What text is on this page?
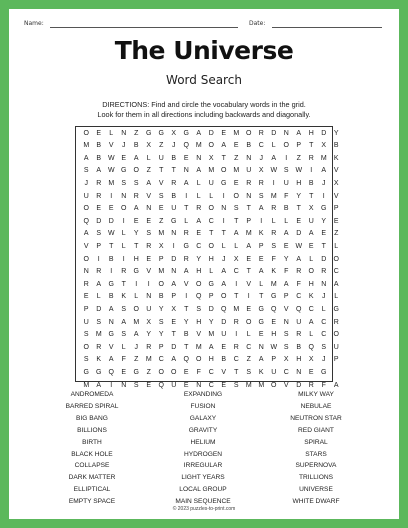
Name:	Date:
The Universe
Word Search
DIRECTIONS: Find and circle the vocabulary words in the grid.
Look for them in all directions including backwards and diagonally.
O	E	L	N	Z	G	G	X	G	A	D	E	M O	R	D	N	A	H	D	Y
M	B	V	J	B	X	Z	J	Q M O	A	E	B	C	L	O	P	T	X	B
A	B W E	A	L	U	B	E	N	X	T	Z	N	J	A	I	Z	R	M	K
S	A W G	O	Z	T	T	N	A	M O M	U	X W S W	I	A	V
J	R	M	S	S	A	V	R	A	L	U	G	E	R	R	I	U	H	B	J	X
U	R	I	N	R	V	S	B	I	L	L	I	O	N	S	M	F	Y	T	I	V
O	E	E	O	A	N	E	U	T	R	O	N	S	T	A	R	B	T	X	G	P
Q	D	D	I	E	E	Z	G	L	A	C	I	T	P	I	L	L	E	U	Y	E
A	S W	L	Y	S	M	N	R	E	T	T	A	M	K	R	A	D	A	E	Z
V	P	T	L	T	R	X	I	G	C	O	L	L	A	P	S	E W E	T	L
O	I	B	I	H	E	P	D	R	Y	H	J	X	E	E	F	Y	A	L	D	O
N	R	I	R	G	V	M	N	A	H	L	A	C	T	A	K	F	R	O	R	C
R	A	G	T	I	I	O	A	V	O	G	A	I	V	L	M	A	F	H	N	A
E	L	B	K	L	N	B	P	I	Q	P	O	T	I	T	G	P	C	K	J	L
P	D	A	S	O	U	Y	X	T	S	D	Q M	E	G	Q	V	Q	C	L	G
U	S	N	A	M	X	S	E	Y	H	Y	D	R	O	G	E	N	U	A	C	R
S	M G	S	A	Y	Y	T	B	V	M	U	I	L	E	H	S	R	L	C	O
O	R	V	L	J	R	P	D	T	M	A	E	R	C	N W S	B	Q	S	U
S	K	A	F	Z	M	C	A	Q	O	H	B	C	Z	A	P	X	H	X	J	P
G	G	Q	E	G	Z	O	O	E	F	C	V	T	S	K	U	C	N	E	G
M	A	I	N	S	E	Q	U	E	N	C	E	S	M M O	V	D	R	F	A
ANDROMEDA
BARRED SPIRAL
BIG BANG
BILLIONS
BIRTH
BLACK HOLE
COLLAPSE
DARK MATTER
ELLIPTICAL
EMPTY SPACE
EXPANDING
FUSION
GALAXY
GRAVITY
HELIUM
HYDROGEN
IRREGULAR
LIGHT YEARS
LOCAL GROUP
MAIN SEQUENCE
MILKY WAY
NEBULAE
NEUTRON STAR
RED GIANT
SPIRAL
STARS
SUPERNOVA
TRILLIONS
UNIVERSE
WHITE DWARF
© 2023 puzzles-to-print.com
